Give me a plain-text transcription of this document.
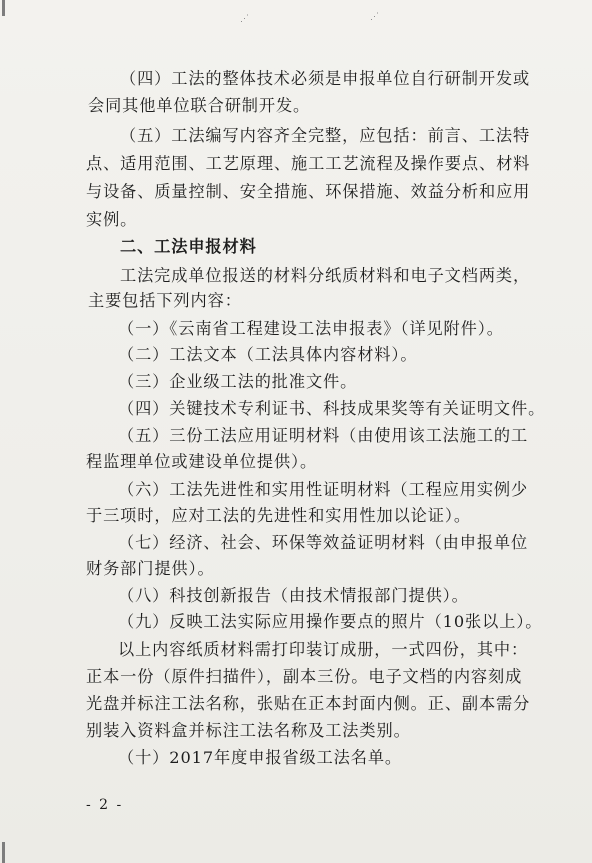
⋰	⋰
（四）工法的整体技术必须是申报单位自行研制开发或
会同其他单位联合研制开发。
（五）工法编写内容齐全完整，应包括：前言、工法特
点、适用范围、工艺原理、施工工艺流程及操作要点、材料
与设备、质量控制、安全措施、环保措施、效益分析和应用
实例。
二、工法申报材料
工法完成单位报送的材料分纸质材料和电子文档两类，
主要包括下列内容：
（一）《云南省工程建设工法申报表》（详见附件）。
（二）工法文本（工法具体内容材料）。
（三）企业级工法的批准文件。
（四）关键技术专利证书、科技成果奖等有关证明文件。
（五）三份工法应用证明材料（由使用该工法施工的工
程监理单位或建设单位提供）。
（六）工法先进性和实用性证明材料（工程应用实例少
于三项时，应对工法的先进性和实用性加以论证）。
（七）经济、社会、环保等效益证明材料（由申报单位
财务部门提供）。
（八）科技创新报告（由技术情报部门提供）。
（九）反映工法实际应用操作要点的照片（10张以上）。
以上内容纸质材料需打印装订成册，一式四份，其中：
正本一份（原件扫描件），副本三份。电子文档的内容刻成
光盘并标注工法名称，张贴在正本封面内侧。正、副本需分
别装入资料盒并标注工法名称及工法类别。
（十）2017年度申报省级工法名单。
- 2 -
